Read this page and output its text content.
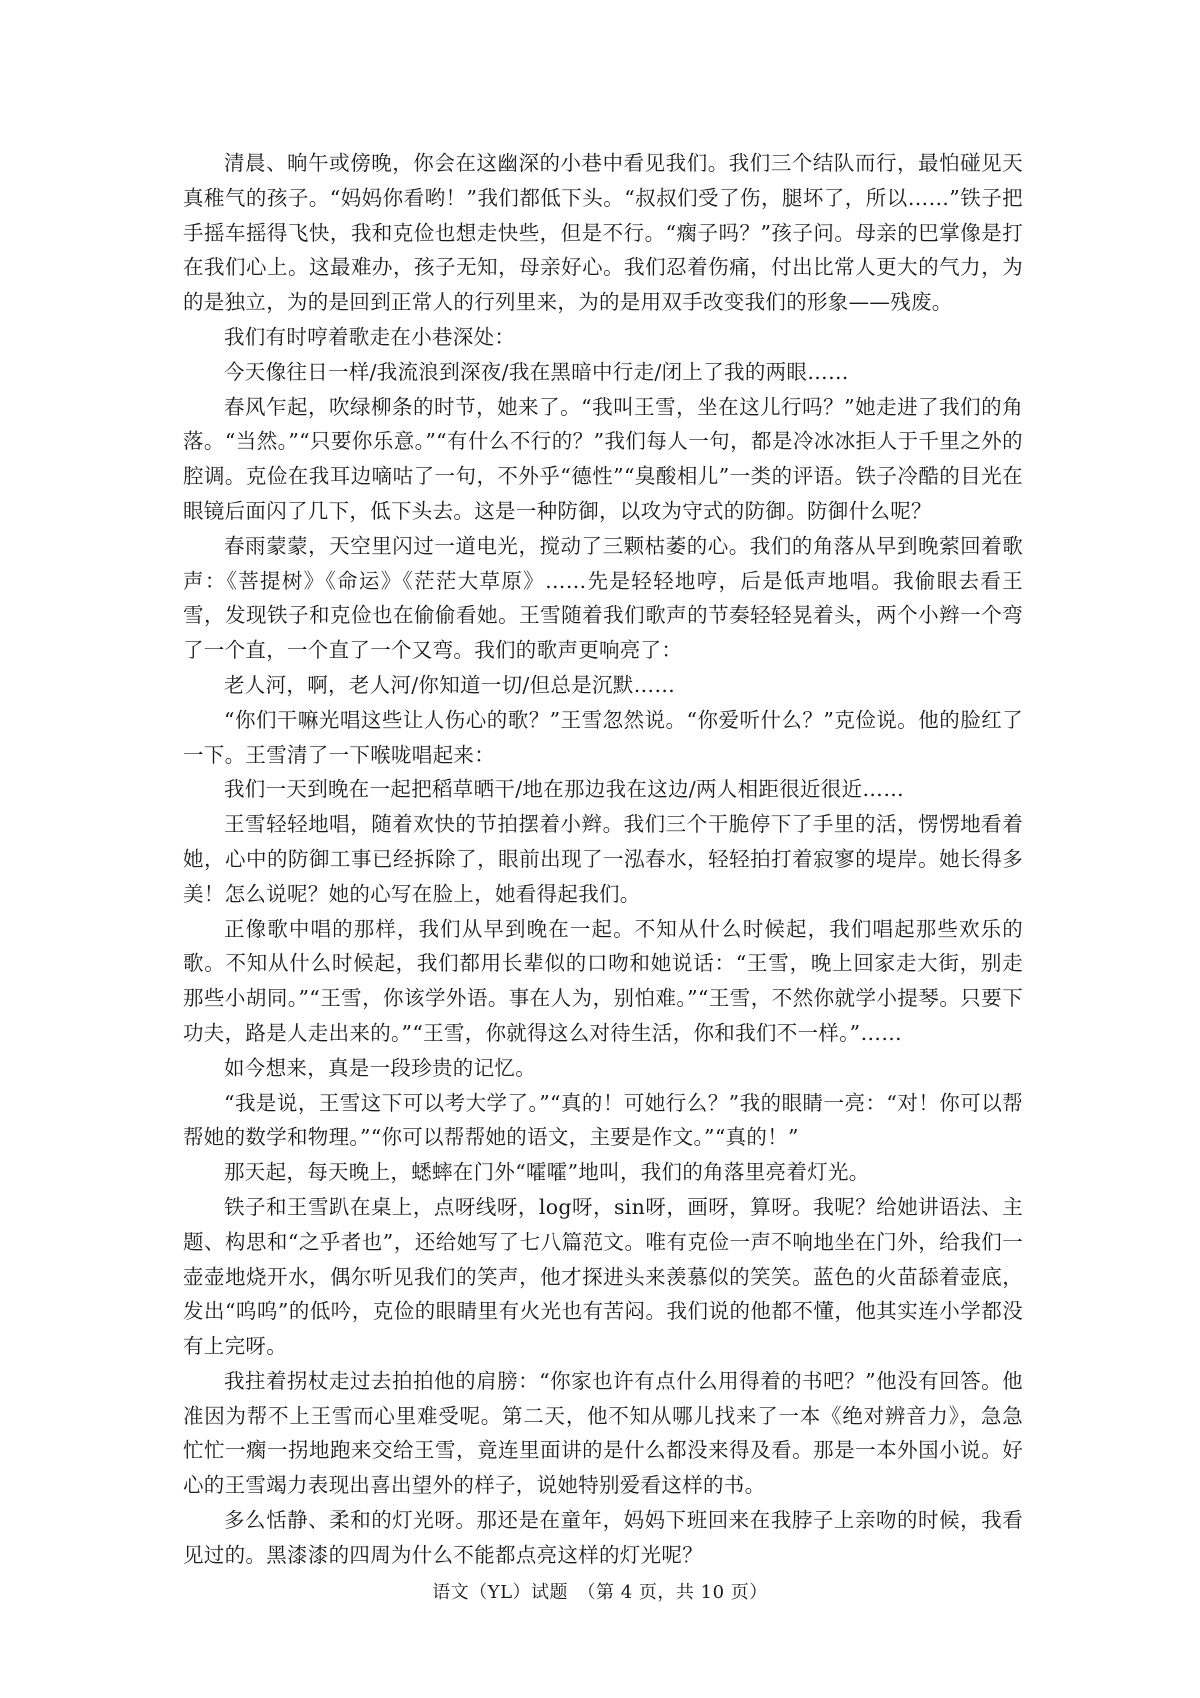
清晨、晌午或傍晚，你会在这幽深的小巷中看见我们。我们三个结队而行，最怕碰见天真稚气的孩子。“妈妈你看哟！”我们都低下头。“叔叔们受了伤，腿坏了，所以……”铁子把手摇车摇得飞快，我和克俭也想走快些，但是不行。“瘸子吗？”孩子问。母亲的巴掌像是打在我们心上。这最难办，孩子无知，母亲好心。我们忍着伤痛，付出比常人更大的气力，为的是独立，为的是回到正常人的行列里来，为的是用双手改变我们的形象——残废。

我们有时哼着歌走在小巷深处：

今天像往日一样/我流浪到深夜/我在黑暗中行走/闭上了我的两眼……

春风乍起，吹绿柳条的时节，她来了。“我叫王雪，坐在这儿行吗？”她走进了我们的角落。“当然。”“只要你乐意。”“有什么不行的？”我们每人一句，都是冷冰冰拒人于千里之外的腔调。克俭在我耳边嘀咕了一句，不外乎“德性”“臭酸相儿”一类的评语。铁子冷酷的目光在眼镜后面闪了几下，低下头去。这是一种防御，以攻为守式的防御。防御什么呢？

春雨蒙蒙，天空里闪过一道电光，搅动了三颗枯萎的心。我们的角落从早到晚萦回着歌声：《菩提树》《命运》《茫茫大草原》……先是轻轻地哼，后是低声地唱。我偷眼去看王雪，发现铁子和克俭也在偷偷看她。王雪随着我们歌声的节奏轻轻晃着头，两个小辫一个弯了一个直，一个直了一个又弯。我们的歌声更响亮了：

老人河，啊，老人河/你知道一切/但总是沉默……

“你们干嘛光唱这些让人伤心的歌？”王雪忽然说。“你爱听什么？”克俭说。他的脸红了一下。王雪清了一下喉咙唱起来：

我们一天到晚在一起把稻草晒干/地在那边我在这边/两人相距很近很近……

王雪轻轻地唱，随着欢快的节拍摆着小辫。我们三个干脆停下了手里的活，愣愣地看着她，心中的防御工事已经拆除了，眼前出现了一泓春水，轻轻拍打着寂寥的堤岸。她长得多美！怎么说呢？她的心写在脸上，她看得起我们。

正像歌中唱的那样，我们从早到晚在一起。不知从什么时候起，我们唱起那些欢乐的歌。不知从什么时候起，我们都用长辈似的口吻和她说话：“王雪，晚上回家走大街，别走那些小胡同。”“王雪，你该学外语。事在人为，别怕难。”“王雪，不然你就学小提琴。只要下功夫，路是人走出来的。”“王雪，你就得这么对待生活，你和我们不一样。”……

如今想来，真是一段珍贵的记忆。

“我是说，王雪这下可以考大学了。”“真的！可她行么？”我的眼睛一亮：“对！你可以帮帮她的数学和物理。”“你可以帮帮她的语文，主要是作文。”“真的！”

那天起，每天晚上，蟋蟀在门外“嚯嚯”地叫，我们的角落里亮着灯光。

铁子和王雪趴在桌上，点呀线呀，log呀，sin呀，画呀，算呀。我呢？给她讲语法、主题、构思和“之乎者也”，还给她写了七八篇范文。唯有克俭一声不响地坐在门外，给我们一壶壶地烧开水，偶尔听见我们的笑声，他才探进头来羡慕似的笑笑。蓝色的火苗舔着壶底，发出“呜呜”的低吟，克俭的眼睛里有火光也有苦闷。我们说的他都不懂，他其实连小学都没有上完呀。

我拄着拐杖走过去拍拍他的肩膀：“你家也许有点什么用得着的书吧？”他没有回答。他准因为帮不上王雪而心里难受呢。第二天，他不知从哪儿找来了一本《绝对辨音力》，急急忙忙一瘸一拐地跑来交给王雪，竟连里面讲的是什么都没来得及看。那是一本外国小说。好心的王雪竭力表现出喜出望外的样子，说她特别爱看这样的书。

多么恬静、柔和的灯光呀。那还是在童年，妈妈下班回来在我脖子上亲吻的时候，我看见过的。黑漆漆的四周为什么不能都点亮这样的灯光呢？

语文（YL）试题　（第 4 页，共 10 页）
